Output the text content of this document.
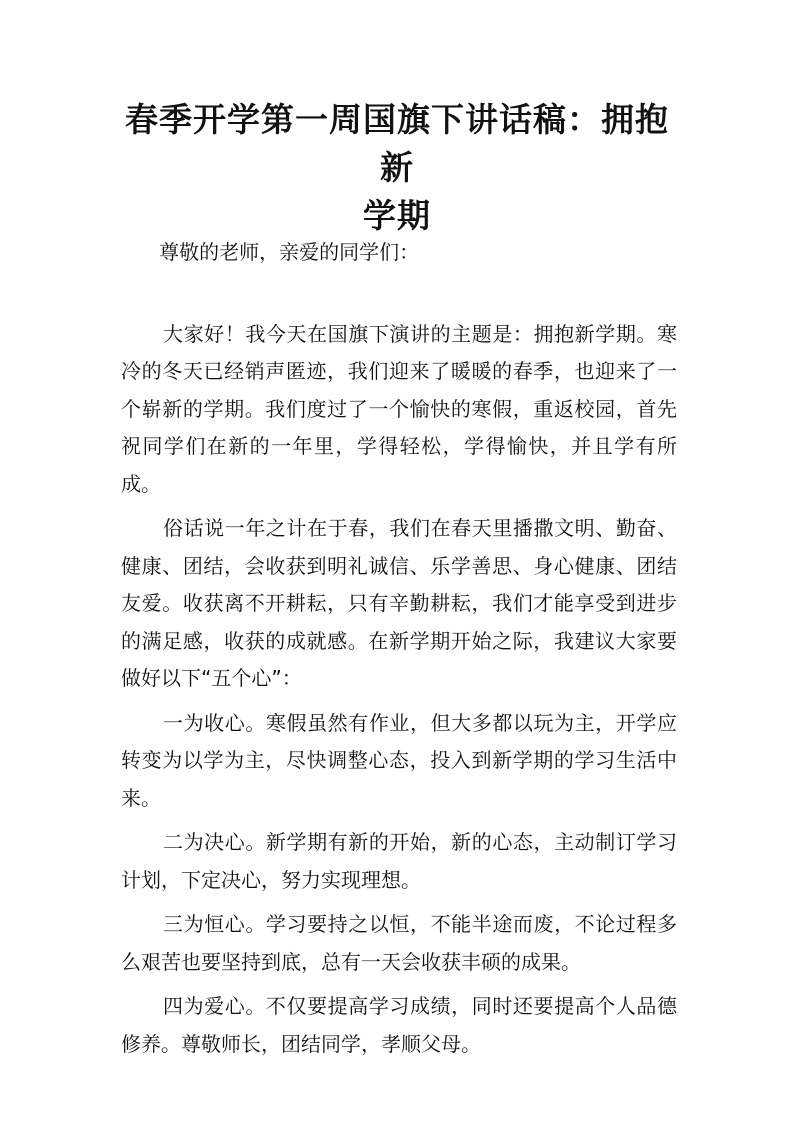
春季开学第一周国旗下讲话稿：拥抱新
学期

尊敬的老师，亲爱的同学们：

大家好！我今天在国旗下演讲的主题是：拥抱新学期。寒冷的冬天已经销声匿迹，我们迎来了暖暖的春季，也迎来了一个崭新的学期。我们度过了一个愉快的寒假，重返校园，首先祝同学们在新的一年里，学得轻松，学得愉快，并且学有所成。

俗话说一年之计在于春，我们在春天里播撒文明、勤奋、健康、团结，会收获到明礼诚信、乐学善思、身心健康、团结友爱。收获离不开耕耘，只有辛勤耕耘，我们才能享受到进步的满足感，收获的成就感。在新学期开始之际，我建议大家要做好以下“五个心”：

一为收心。寒假虽然有作业，但大多都以玩为主，开学应转变为以学为主，尽快调整心态，投入到新学期的学习生活中来。

二为决心。新学期有新的开始，新的心态，主动制订学习计划，下定决心，努力实现理想。

三为恒心。学习要持之以恒，不能半途而废，不论过程多么艰苦也要坚持到底，总有一天会收获丰硕的成果。

四为爱心。不仅要提高学习成绩，同时还要提高个人品德修养。尊敬师长，团结同学，孝顺父母。
